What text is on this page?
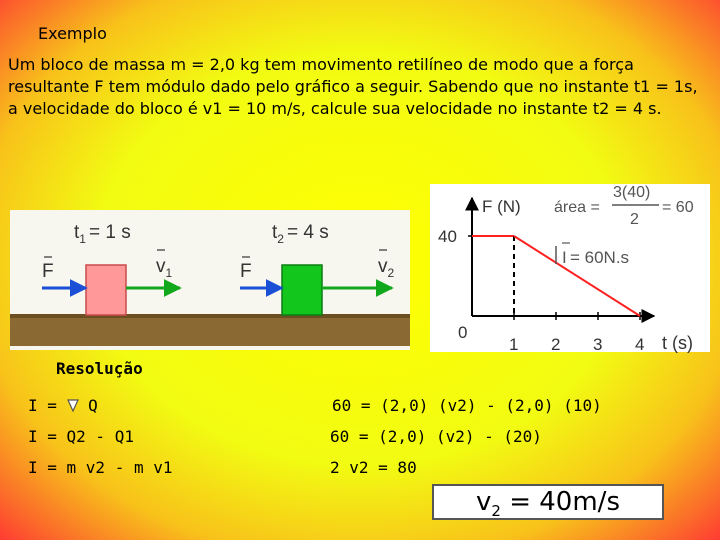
Exemplo
Um bloco de massa m = 2,0 kg tem movimento retilíneo de modo que a força resultante F tem módulo dado pelo gráfico a seguir. Sabendo que no instante t1 = 1s, a velocidade do bloco é v1 = 10 m/s, calcule sua velocidade no instante t2 = 4 s.
$t_1 = 1$ s
F	$v_1$
$t_2 = 4$ s
F	$v_2$
F (N)
t (s)
0
1 2 3 4
40
área =
3(40)
2
= 60
I = 60N.s
Resolução
I =  Q
I = Q2 - Q1
I = m v2 - m v1
60 = (2,0) (v2) - (2,0) (10)
60 = (2,0) (v2) - (20)
2 v2 = 80
$v_2 = 40m/s$
